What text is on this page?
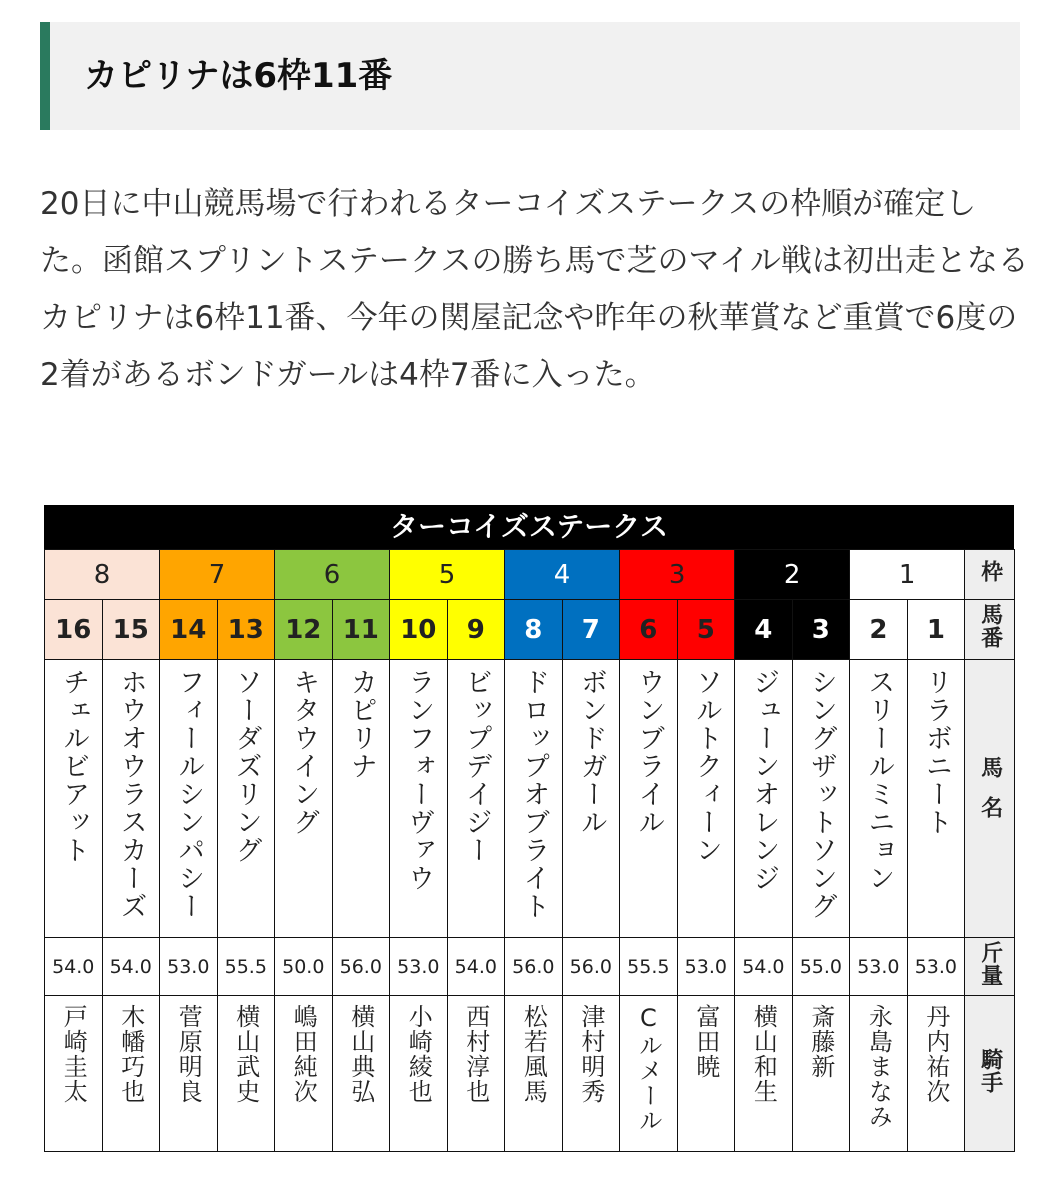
カピリナは6枠11番

20日に中山競馬場で行われるターコイズステークスの枠順が確定した。函館スプリントステークスの勝ち馬で芝のマイル戦は初出走となるカピリナは6枠11番、今年の関屋記念や昨年の秋華賞など重賞で6度の2着があるボンドガールは4枠7番に入った。

ターコイズステークス
8		7		6		5		4		3		2		1		枠
16	15	14	13	12	11	10	9	8	7	6	5	4	3	2	1	馬番
チェルビアット	ホウオウラスカーズ	フィールシンパシー	ソーダズリング	キタウイング	カピリナ	ランフォーヴァウ	ビップデイジー	ドロップオブライト	ボンドガール	ウンブライル	ソルトクィーン	ジューンオレンジ	シングザットソング	スリールミニョン	リラボニート	馬名
54.0	54.0	53.0	55.5	50.0	56.0	53.0	54.0	56.0	56.0	55.5	53.0	54.0	55.0	53.0	53.0	斤量
戸崎圭太	木幡巧也	菅原明良	横山武史	嶋田純次	横山典弘	小崎綾也	西村淳也	松若風馬	津村明秀	Cルメール	富田暁	横山和生	斎藤新	永島まなみ	丹内祐次	騎手
